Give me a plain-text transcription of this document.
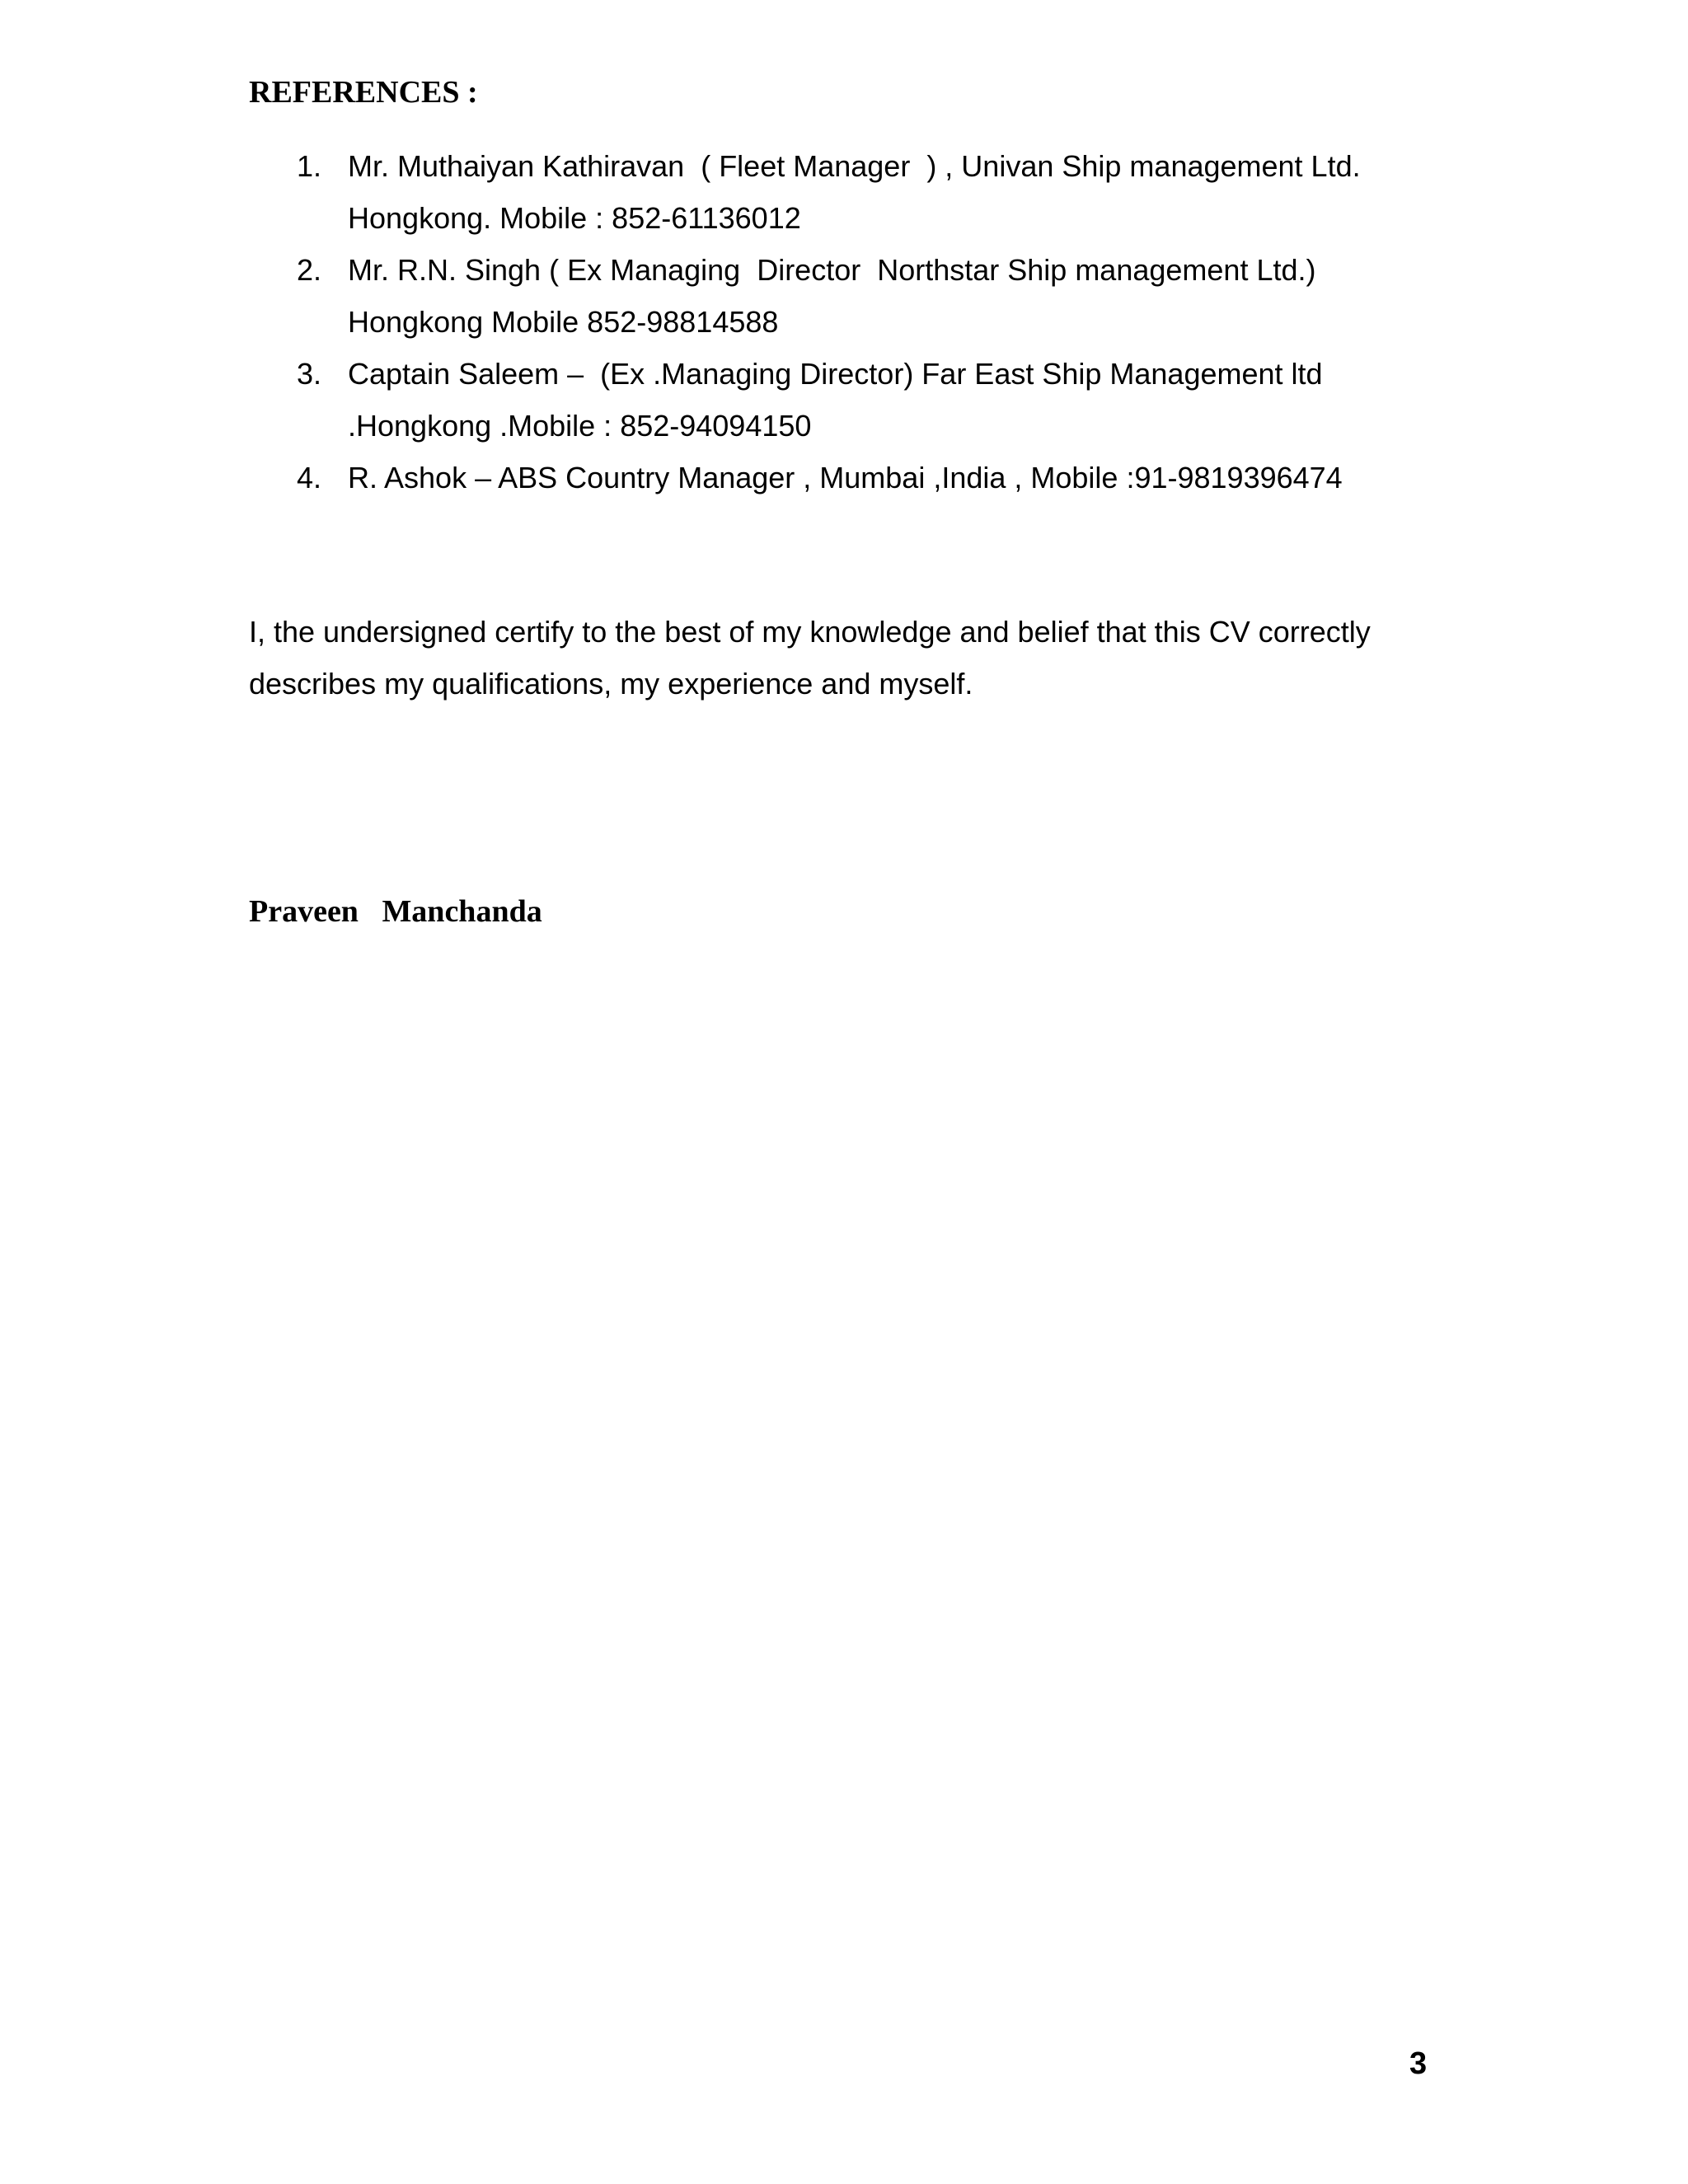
REFERENCES :
1. Mr. Muthaiyan Kathiravan  ( Fleet Manager  ) , Univan Ship management Ltd.
Hongkong. Mobile : 852-61136012
2. Mr. R.N. Singh ( Ex Managing  Director  Northstar Ship management Ltd.)
Hongkong Mobile 852-98814588
3. Captain Saleem –  (Ex .Managing Director) Far East Ship Management ltd
.Hongkong .Mobile : 852-94094150
4. R. Ashok – ABS Country Manager , Mumbai ,India , Mobile :91-9819396474
I, the undersigned certify to the best of my knowledge and belief that this CV correctly
describes my qualifications, my experience and myself.
Praveen   Manchanda
3
